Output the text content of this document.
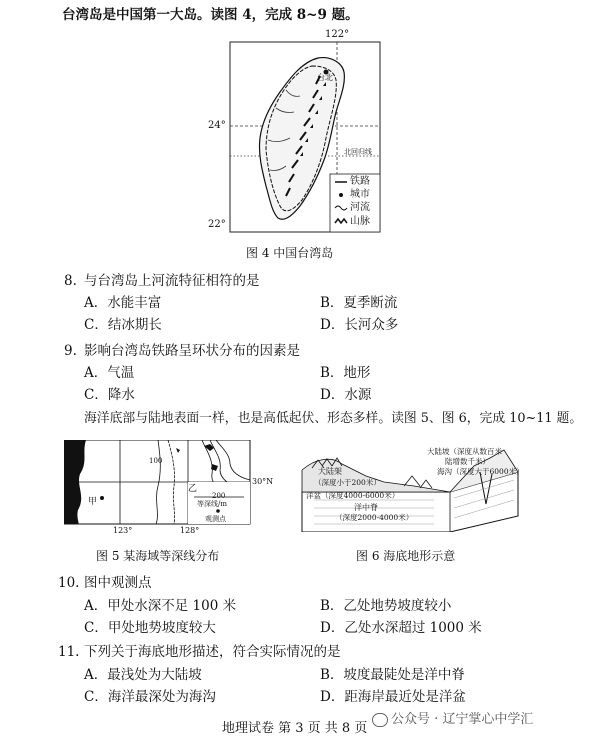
台湾岛是中国第一大岛。读图 4，完成 8~9 题。
122°
24°
22°
台北
北回归线
铁路
城市
河流
山脉
图 4 中国台湾岛
8. 与台湾岛上河流特征相符的是
A．水能丰富	B．夏季断流
C．结冰期长	D．长河众多
9. 影响台湾岛铁路呈环状分布的因素是
A．气温	B．地形
C．降水	D．水源
海洋底部与陆地表面一样，也是高低起伏、形态多样。读图 5、图 6，完成 10~11 题。
甲
乙
100
200
等深线/m
观测点
30°N
123°	128°
大陆坡（深度从数百米
陆增数千米）
海沟（深度大于6000米）
大陆架
（深度小于200米）
洋盆（深度4000-6000米）
洋中脊
（深度2000-4000米）
图 5 某海域等深线分布	图 6 海底地形示意
10. 图中观测点
A．甲处水深不足 100 米	B．乙处地势坡度较小
C．甲处地势坡度较大	D．乙处水深超过 1000 米
11. 下列关于海底地形描述，符合实际情况的是
A．最浅处为大陆坡	B．坡度最陡处是洋中脊
C．海洋最深处为海沟	D．距海岸最近处是洋盆
地理试卷 第 3 页 共 8 页
公众号 · 辽宁掌心中学汇
